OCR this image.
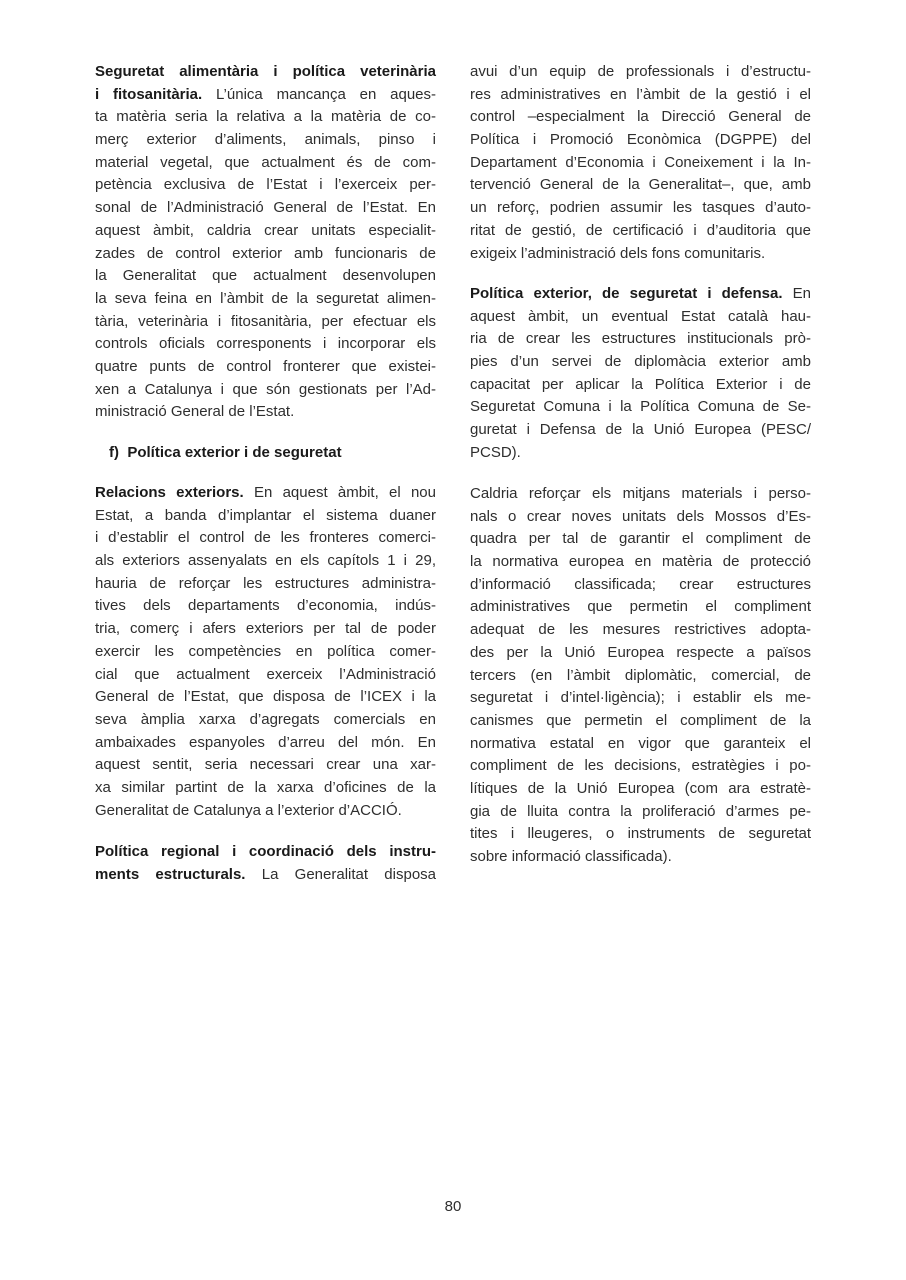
Seguretat alimentària i política veterinària
i fitosanitària. L’única mancança en aques-
ta matèria seria la relativa a la matèria de co-
merç exterior d’aliments, animals, pinso i
material vegetal, que actualment és de com-
petència exclusiva de l’Estat i l’exerceix per-
sonal de l’Administració General de l’Estat. En
aquest àmbit, caldria crear unitats especialit-
zades de control exterior amb funcionaris de
la Generalitat que actualment desenvolupen
la seva feina en l’àmbit de la seguretat alimen-
tària, veterinària i fitosanitària, per efectuar els
controls oficials corresponents i incorporar els
quatre punts de control fronterer que existei-
xen a Catalunya i que són gestionats per l’Ad-
ministració General de l’Estat.
f)  Política exterior i de seguretat
Relacions exteriors. En aquest àmbit, el nou
Estat, a banda d’implantar el sistema duaner
i d’establir el control de les fronteres comerci-
als exteriors assenyalats en els capítols 1 i 29,
hauria de reforçar les estructures administra-
tives dels departaments d’economia, indús-
tria, comerç i afers exteriors per tal de poder
exercir les competències en política comer-
cial que actualment exerceix l’Administració
General de l’Estat, que disposa de l’ICEX i la
seva àmplia xarxa d’agregats comercials en
ambaixades espanyoles d’arreu del món. En
aquest sentit, seria necessari crear una xar-
xa similar partint de la xarxa d’oficines de la
Generalitat de Catalunya a l’exterior d’ACCIÓ.
Política regional i coordinació dels instru-
ments estructurals. La Generalitat disposa
avui d’un equip de professionals i d’estructu-
res administratives en l’àmbit de la gestió i el
control –especialment la Direcció General de
Política i Promoció Econòmica (DGPPE) del
Departament d’Economia i Coneixement i la In-
tervenció General de la Generalitat–, que, amb
un reforç, podrien assumir les tasques d’auto-
ritat de gestió, de certificació i d’auditoria que
exigeix l’administració dels fons comunitaris.
Política exterior, de seguretat i defensa. En
aquest àmbit, un eventual Estat català hau-
ria de crear les estructures institucionals prò-
pies d’un servei de diplomàcia exterior amb
capacitat per aplicar la Política Exterior i de
Seguretat Comuna i la Política Comuna de Se-
guretat i Defensa de la Unió Europea (PESC/
PCSD).
Caldria reforçar els mitjans materials i perso-
nals o crear noves unitats dels Mossos d’Es-
quadra per tal de garantir el compliment de
la normativa europea en matèria de protecció
d’informació classificada; crear estructures
administratives que permetin el compliment
adequat de les mesures restrictives adopta-
des per la Unió Europea respecte a països
tercers (en l’àmbit diplomàtic, comercial, de
seguretat i d’intel·ligència); i establir els me-
canismes que permetin el compliment de la
normativa estatal en vigor que garanteix el
compliment de les decisions, estratègies i po-
lítiques de la Unió Europea (com ara estratè-
gia de lluita contra la proliferació d’armes pe-
tites i lleugeres, o instruments de seguretat
sobre informació classificada).
80
